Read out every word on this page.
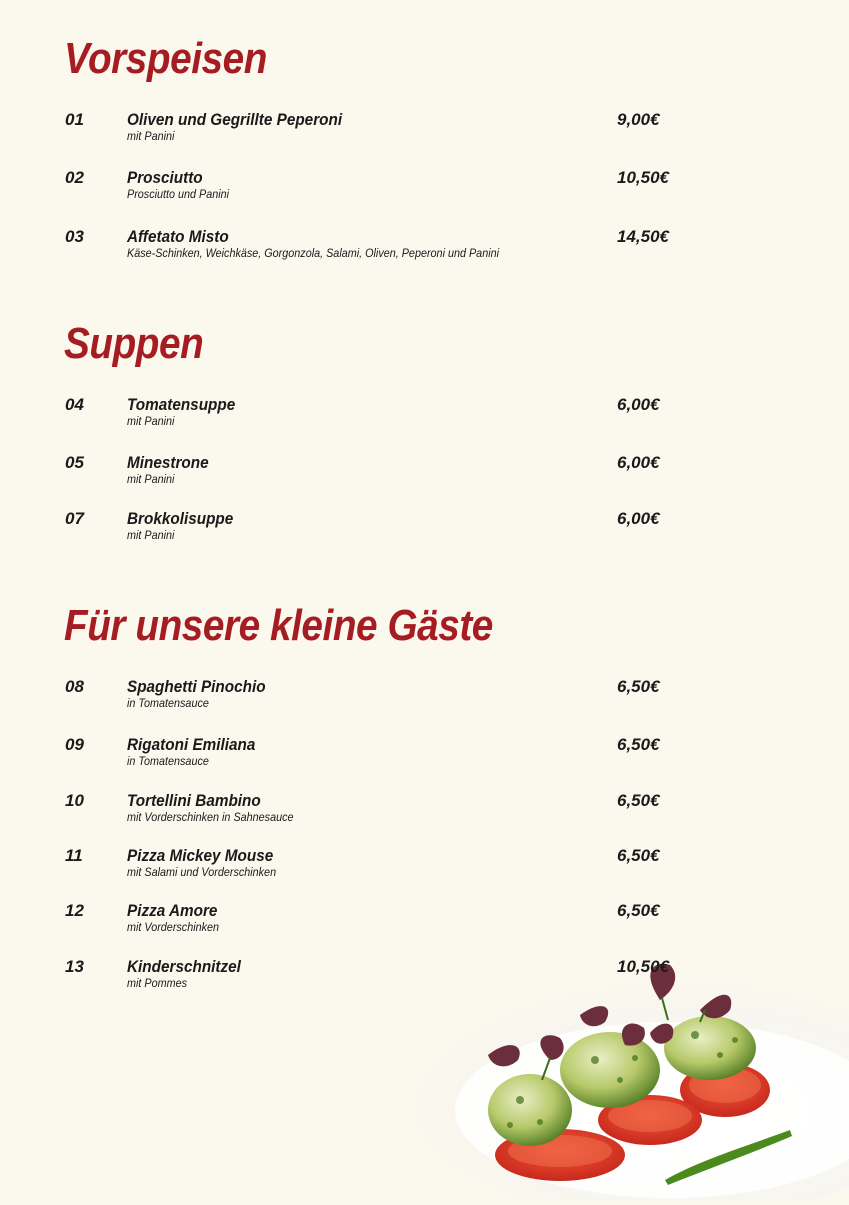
Vorspeisen
01	Oliven und Gegrillte Peperoni
mit Panini
9,00€
02	Prosciutto
Prosciutto und Panini
10,50€
03	Affetato Misto
Käse-Schinken, Weichkäse, Gorgonzola, Salami, Oliven, Peperoni und Panini
14,50€
Suppen
04	Tomatensuppe
mit Panini
6,00€
05	Minestrone
mit Panini
6,00€
07	Brokkolisuppe
mit Panini
6,00€
Für unsere kleine Gäste
08	Spaghetti Pinochio
in Tomatensauce
6,50€
09	Rigatoni Emiliana
in Tomatensauce
6,50€
10	Tortellini Bambino
mit Vorderschinken in Sahnesauce
6,50€
11	Pizza Mickey Mouse
mit Salami und Vorderschinken
6,50€
12	Pizza Amore
mit Vorderschinken
6,50€
13	Kinderschnitzel
mit Pommes
10,50€
